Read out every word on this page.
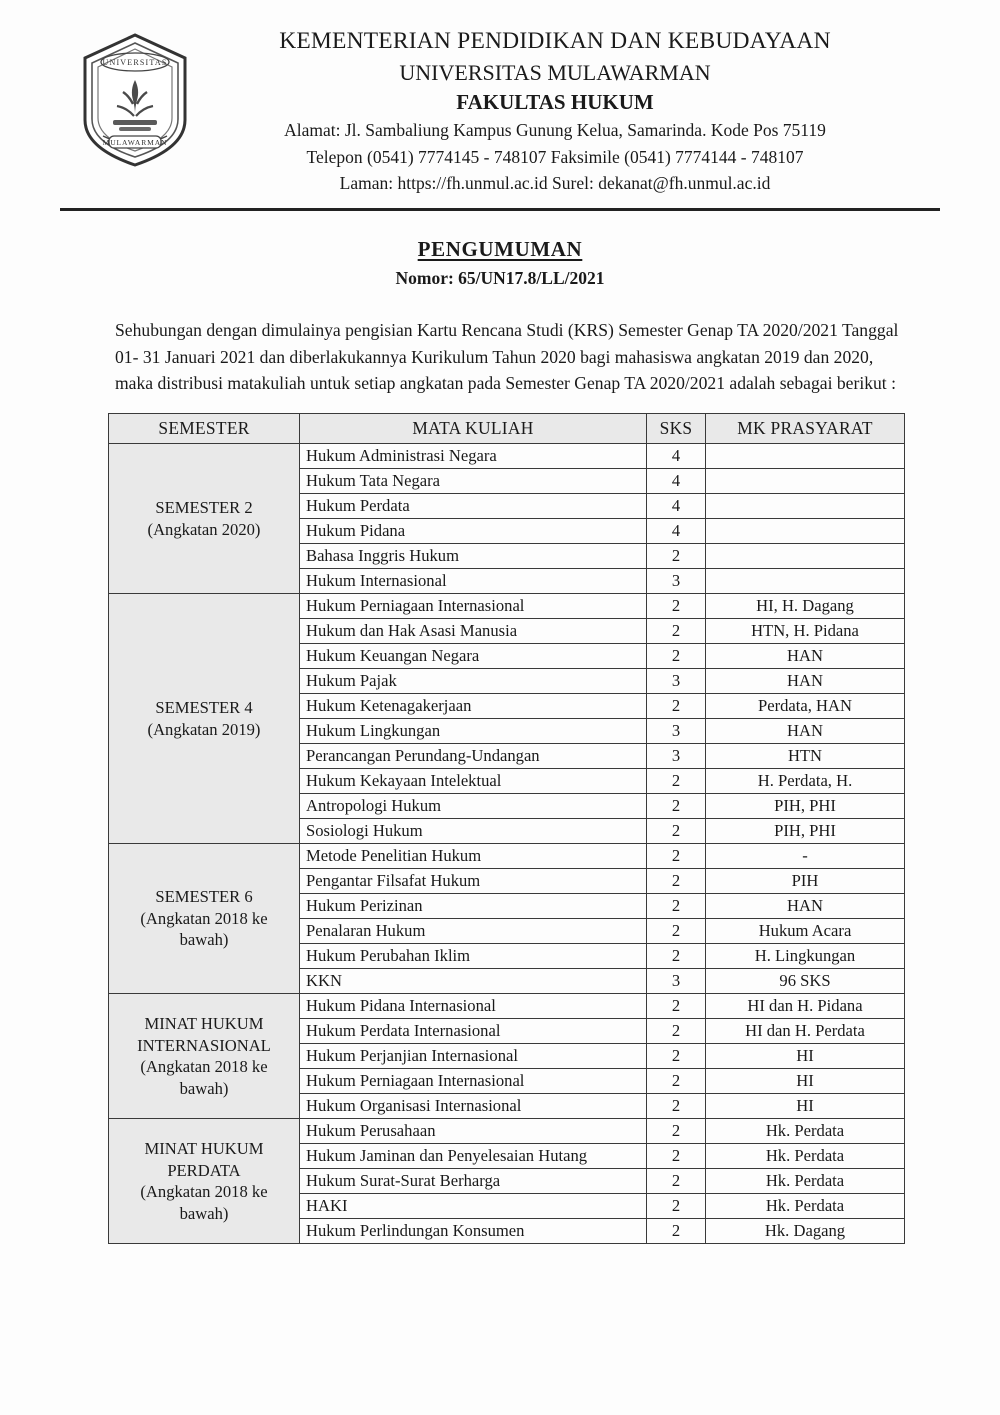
UNIVERSITAS
MULAWARMAN
KEMENTERIAN PENDIDIKAN DAN KEBUDAYAAN
UNIVERSITAS MULAWARMAN
FAKULTAS HUKUM
Alamat: Jl. Sambaliung Kampus Gunung Kelua, Samarinda. Kode Pos 75119
Telepon (0541) 7774145 - 748107 Faksimile (0541) 7774144 - 748107
Laman: https://fh.unmul.ac.id Surel: dekanat@fh.unmul.ac.id
PENGUMUMAN
Nomor: 65/UN17.8/LL/2021
Sehubungan dengan dimulainya pengisian Kartu Rencana Studi (KRS) Semester Genap TA 2020/2021 Tanggal 01- 31 Januari 2021 dan diberlakukannya Kurikulum Tahun 2020 bagi mahasiswa angkatan 2019 dan 2020, maka distribusi matakuliah untuk setiap angkatan pada Semester Genap TA 2020/2021 adalah sebagai berikut :
SEMESTER	MATA KULIAH	SKS	MK PRASYARAT

SEMESTER 2
(Angkatan 2020)	Hukum Administrasi Negara	4	
	Hukum Tata Negara	4	
	Hukum Perdata	4	
	Hukum Pidana	4	
	Bahasa Inggris Hukum	2	
	Hukum Internasional	3	

SEMESTER 4
(Angkatan 2019)	Hukum Perniagaan Internasional	2	HI, H. Dagang
	Hukum dan Hak Asasi Manusia	2	HTN, H. Pidana
	Hukum Keuangan Negara	2	HAN
	Hukum Pajak	3	HAN
	Hukum Ketenagakerjaan	2	Perdata, HAN
	Hukum Lingkungan	3	HAN
	Perancangan Perundang-Undangan	3	HTN
	Hukum Kekayaan Intelektual	2	H. Perdata, H.
	Antropologi Hukum	2	PIH, PHI
	Sosiologi Hukum	2	PIH, PHI

SEMESTER 6
(Angkatan 2018 ke bawah)	Metode Penelitian Hukum	2	-
	Pengantar Filsafat Hukum	2	PIH
	Hukum Perizinan	2	HAN
	Penalaran Hukum	2	Hukum Acara
	Hukum Perubahan Iklim	2	H. Lingkungan
	KKN	3	96 SKS

MINAT HUKUM INTERNASIONAL
(Angkatan 2018 ke bawah)	Hukum Pidana Internasional	2	HI dan H. Pidana
	Hukum Perdata Internasional	2	HI dan H. Perdata
	Hukum Perjanjian Internasional	2	HI
	Hukum Perniagaan Internasional	2	HI
	Hukum Organisasi Internasional	2	HI

MINAT HUKUM PERDATA
(Angkatan 2018 ke bawah)	Hukum Perusahaan	2	Hk. Perdata
	Hukum Jaminan dan Penyelesaian Hutang	2	Hk. Perdata
	Hukum Surat-Surat Berharga	2	Hk. Perdata
	HAKI	2	Hk. Perdata
	Hukum Perlindungan Konsumen	2	Hk. Dagang
